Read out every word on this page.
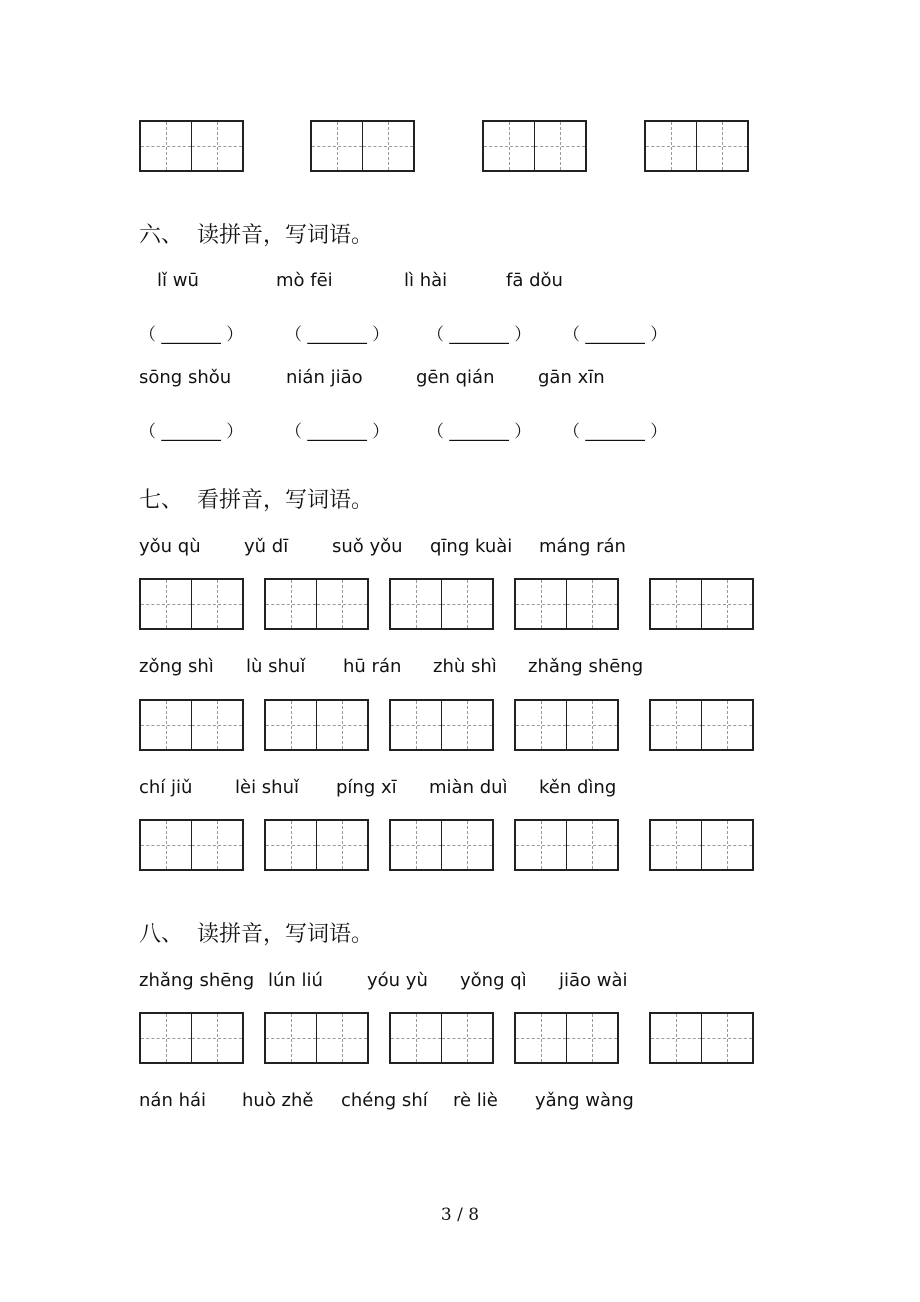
六、 读拼音，写词语。
lǐ wū	mò fēi	lì hài	fā dǒu
（ _______ ） （ _______ ） （ _______ ） （ _______ ）
sōng shǒu	nián jiāo	gēn qián gān xīn
（ _______ ） （ _______ ） （ _______ ） （ _______ ）
七、 看拼音，写词语。
yǒu qù yǔ dī suǒ yǒu qīng kuài máng rán
zǒng shì lù shuǐ hū rán zhù shì zhǎng shēng
chí jiǔ lèi shuǐ píng xī miàn duì kěn dìng
八、 读拼音，写词语。
zhǎng shēng lún liú yóu yù yǒng qì jiāo wài
nán hái huò zhě chéng shí rè liè yǎng wàng
3 / 8
